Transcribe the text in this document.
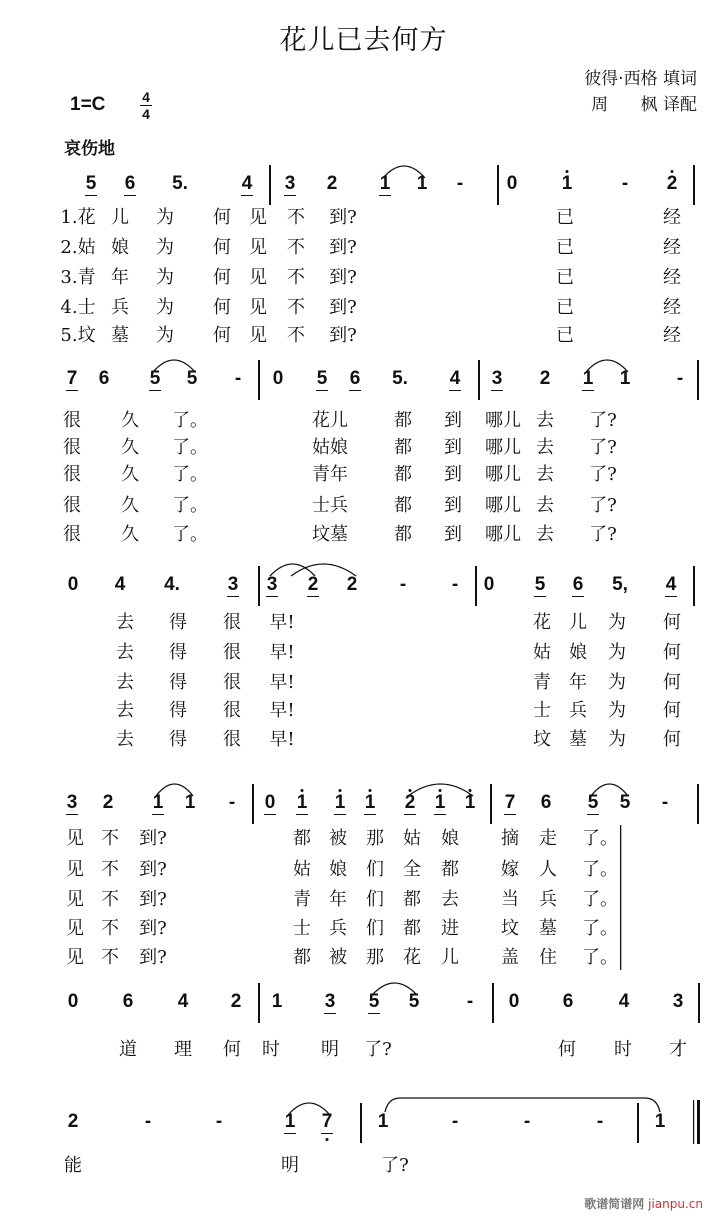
花儿已去何方
彼得·西格 填词
周      枫 译配
1=C	4
4
哀伤地
5 6 5.	4 3 2 1 1 - 0 1	- 2
1.花 儿 为 何 见 不 到?	已	经
2.姑 娘 为 何 见 不 到?	已	经
3.青 年 为 何 见 不 到?	已	经
4.士 兵 为 何 见 不 到?	已	经
5.坟 墓 为 何 见 不 到?	已	经
7 6 5 5 - 0 5 6 5. 4 3 2 1 1 -
很 久 了。	花儿	都 到 哪儿 去 了?
很 久 了。	姑娘	都 到 哪儿 去 了?
很 久 了。	青年	都 到 哪儿 去 了?
很 久 了。	士兵	都 到 哪儿 去 了?
很 久 了。	坟墓	都 到 哪儿 去 了?
0 4 4.	3 3 2 2 - - 0 5 6 5, 4
去 得 很 早!	花 儿 为 何
去 得 很 早!	姑 娘 为 何
去 得 很 早!	青 年 为 何
去 得 很 早!	士 兵 为 何
去 得 很 早!	坟 墓 为 何
3 2 1 1 - 0 1 1 1 2 1 1 7 6 5 5 -
见 不 到?	都 被 那 姑 娘 摘 走 了。
见 不 到?	姑 娘 们 全 都 嫁 人 了。
见 不 到?	青 年 们 都 去 当 兵 了。
见 不 到?	士 兵 们 都 进 坟 墓 了。
见 不 到?	都 被 那 花 儿 盖 住 了。
0 6 4 2 1 3 5 5	- 0 6 4 3
道 理 何 时 明 了?	何 时 才
2	-	-	1 7 1	-	-	-	1
能	明	了?
歌谱简谱网 jianpu.cn
